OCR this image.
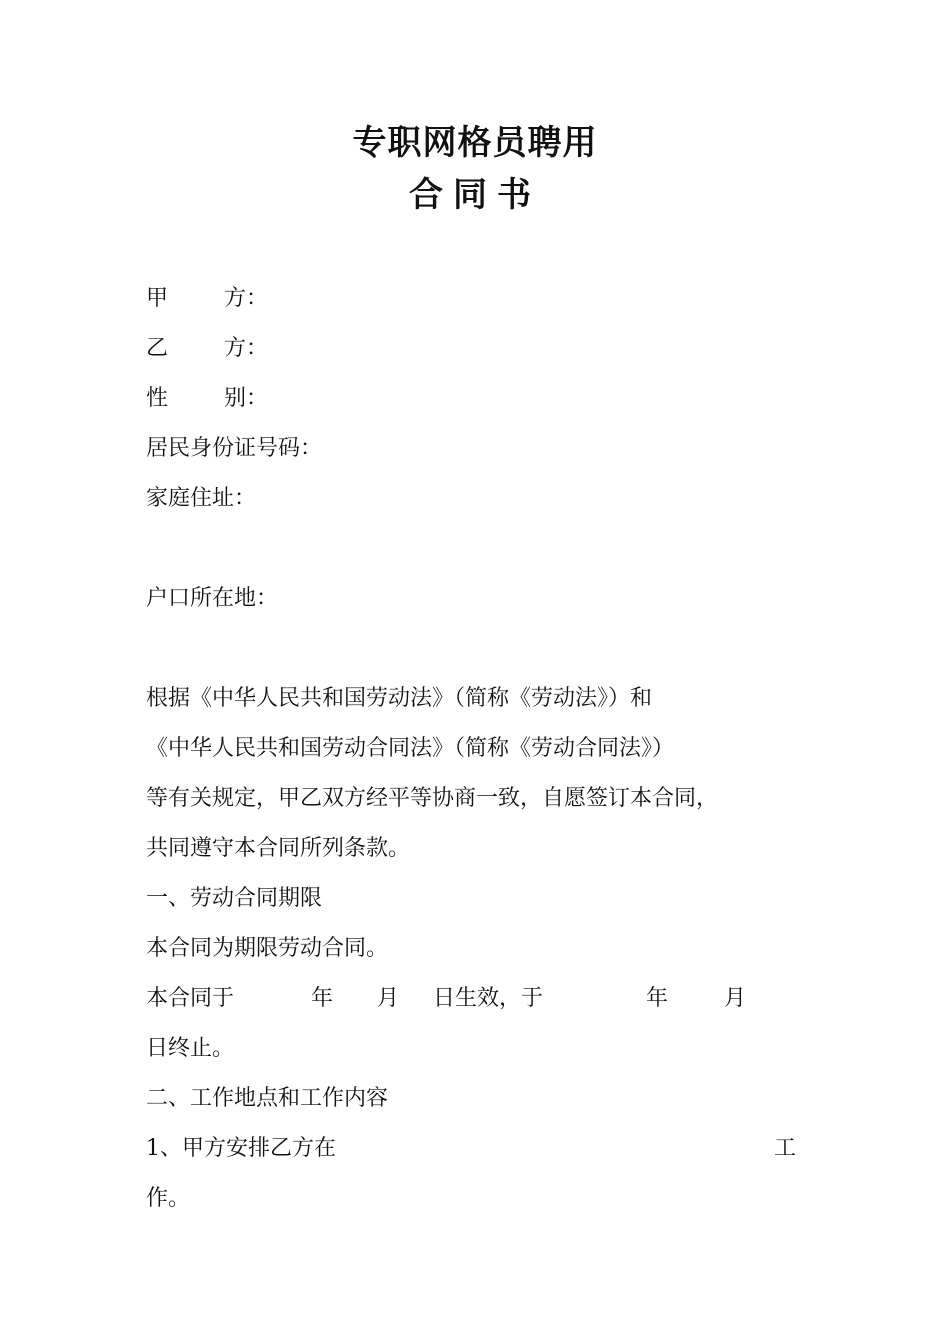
专职网格员聘用
合同书
甲	方：
乙	方：
性	别：
居民身份证号码：
家庭住址：
户口所在地：
根据《中华人民共和国劳动法》（简称《劳动法》）和
《中华人民共和国劳动合同法》（简称《劳动合同法》）
等有关规定，甲乙双方经平等协商一致，自愿签订本合同，
共同遵守本合同所列条款。
一、劳动合同期限
本合同为期限劳动合同。
本合同于	年 月 日生效，于	年	月
日终止。
二、工作地点和工作内容
1、甲方安排乙方在	工
作。
